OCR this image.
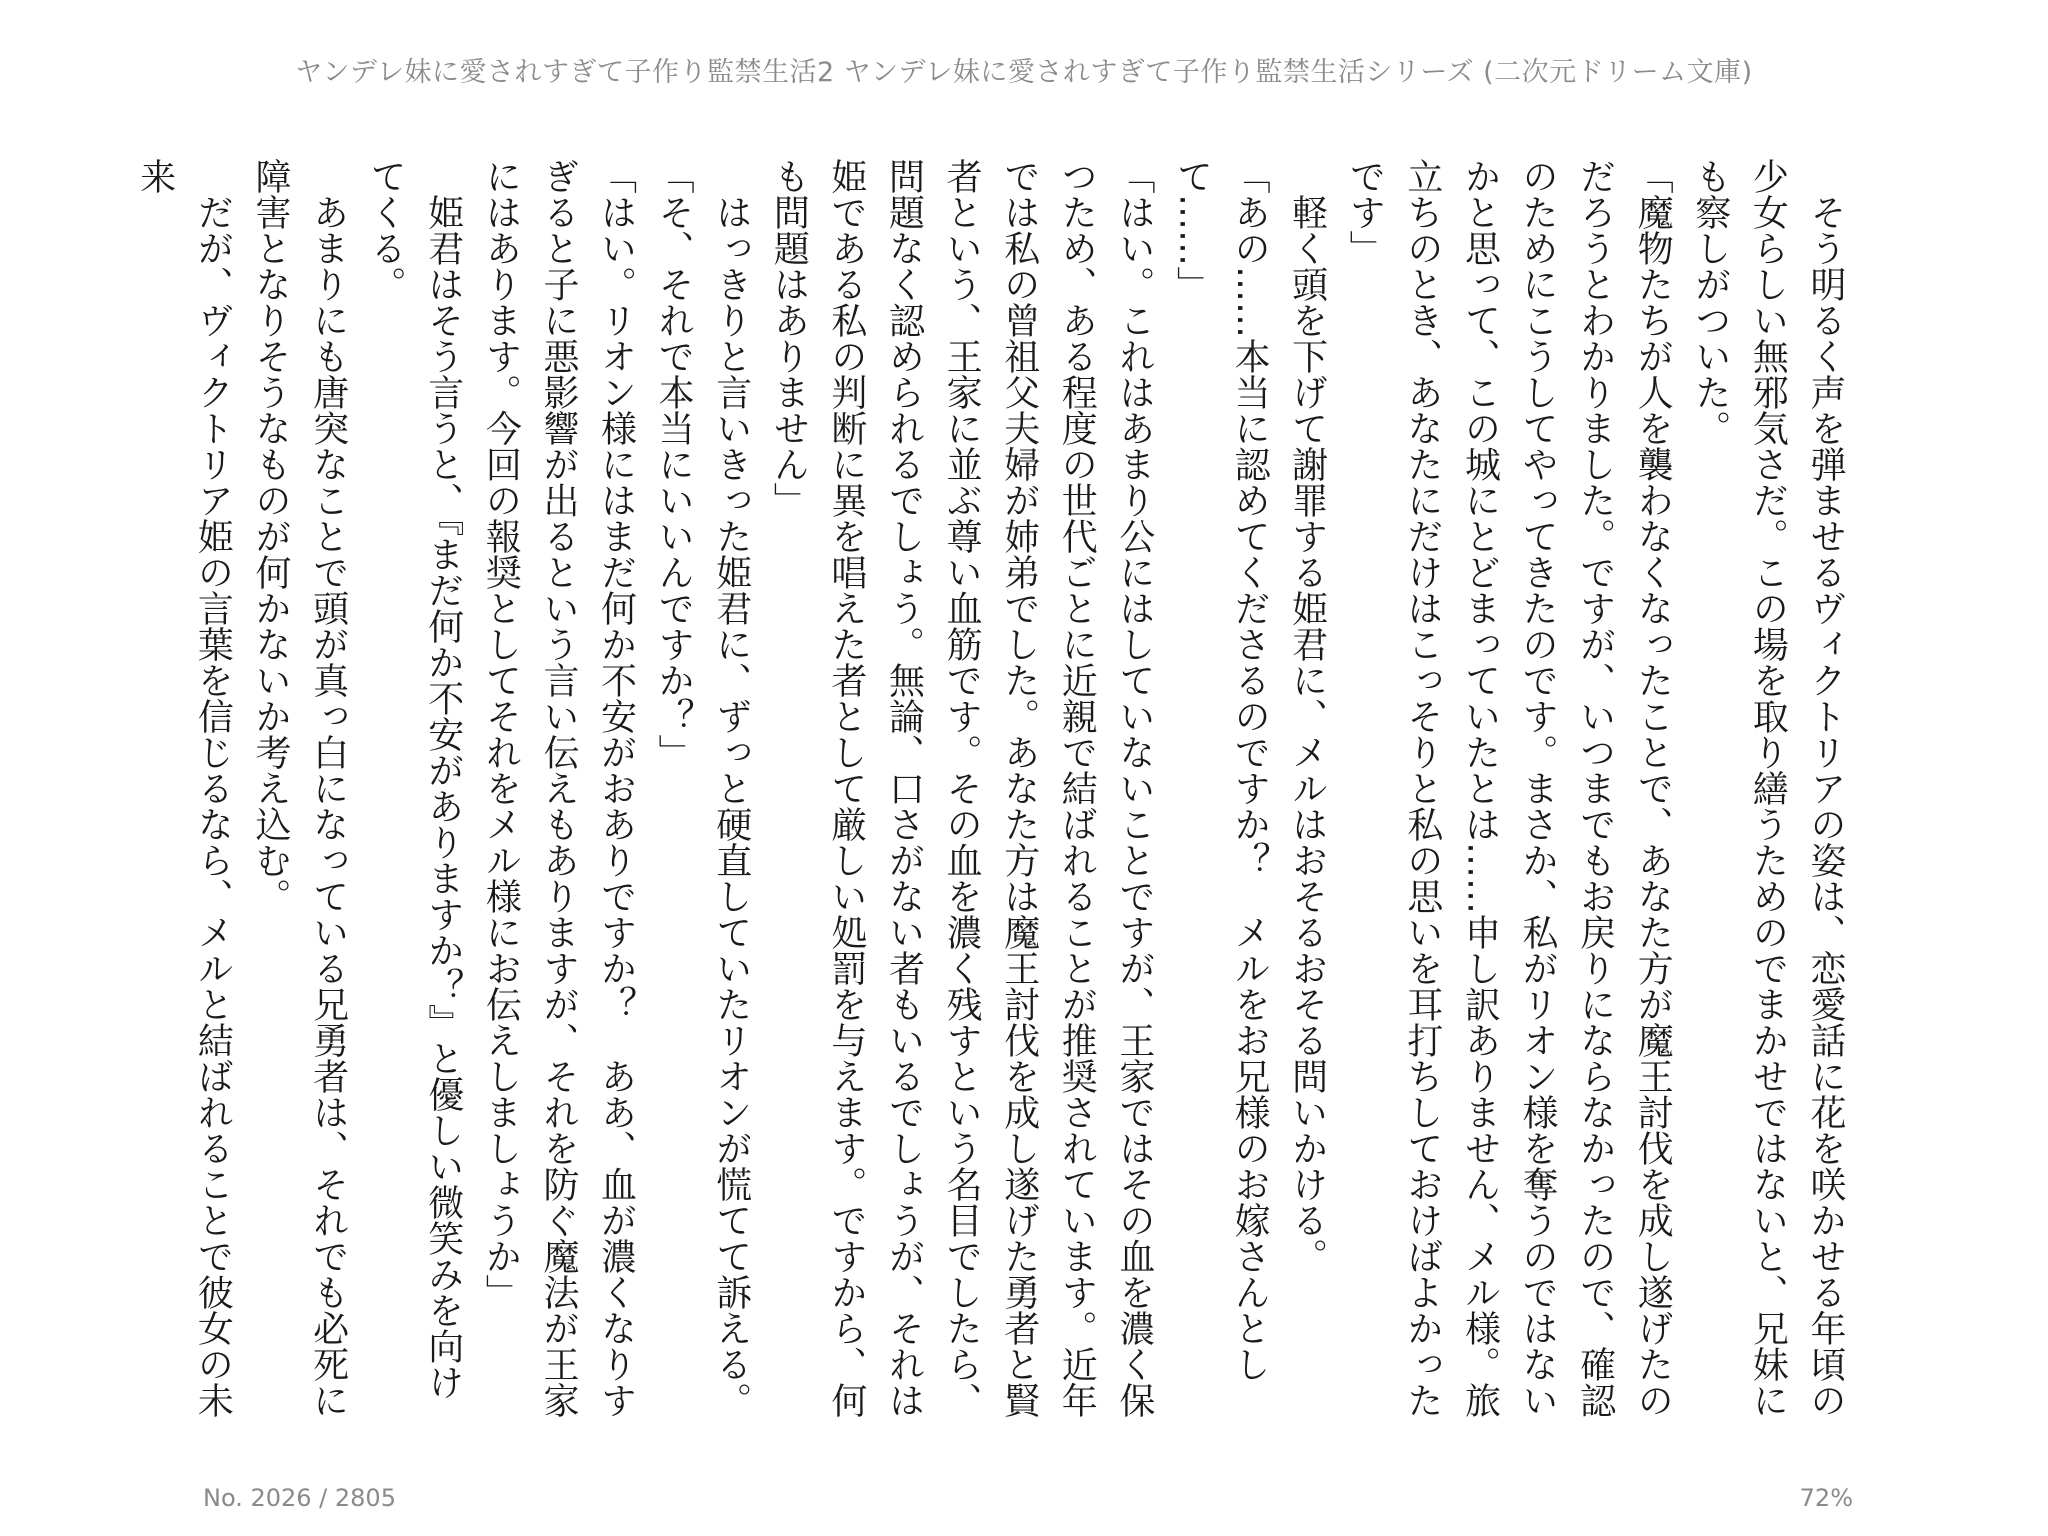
ヤンデレ妹に愛されすぎて子作り監禁生活2 ヤンデレ妹に愛されすぎて子作り監禁生活シリーズ (二次元ドリーム文庫)

そう明るく声を弾ませるヴィクトリアの姿は、恋愛話に花を咲かせる年頃の少女らしい無邪気さだ。この場を取り繕うためのでまかせではないと、兄妹にも察しがついた。

「魔物たちが人を襲わなくなったことで、あなた方が魔王討伐を成し遂げたのだろうとわかりました。ですが、いつまでもお戻りにならなかったので、確認のためにこうしてやってきたのです。まさか、私がリオン様を奪うのではないかと思って、この城にとどまっていたとは……申し訳ありません、メル様。旅立ちのとき、あなたにだけはこっそりと私の思いを耳打ちしておけばよかったです」

軽く頭を下げて謝罪する姫君に、メルはおそるおそる問いかける。

「あの……本当に認めてくださるのですか？　メルをお兄様のお嫁さんとして……」

「はい。これはあまり公にはしていないことですが、王家ではその血を濃く保つため、ある程度の世代ごとに近親で結ばれることが推奨されています。近年では私の曾祖父夫婦が姉弟でした。あなた方は魔王討伐を成し遂げた勇者と賢者という、王家に並ぶ尊い血筋です。その血を濃く残すという名目でしたら、問題なく認められるでしょう。無論、口さがない者もいるでしょうが、それは姫である私の判断に異を唱えた者として厳しい処罰を与えます。ですから、何も問題はありません」

はっきりと言いきった姫君に、ずっと硬直していたリオンが慌てて訴える。

「そ、それで本当にいいんですか？」

「はい。リオン様にはまだ何か不安がおありですか？　ああ、血が濃くなりすぎると子に悪影響が出るという言い伝えもありますが、それを防ぐ魔法が王家にはあります。今回の報奨としてそれをメル様にお伝えしましょうか」

姫君はそう言うと、『まだ何か不安がありますか？』と優しい微笑みを向けてくる。

あまりにも唐突なことで頭が真っ白になっている兄勇者は、それでも必死に障害となりそうなものが何かないか考え込む。

だが、ヴィクトリア姫の言葉を信じるなら、メルと結ばれることで彼女の未来

No. 2026 / 2805	72%
